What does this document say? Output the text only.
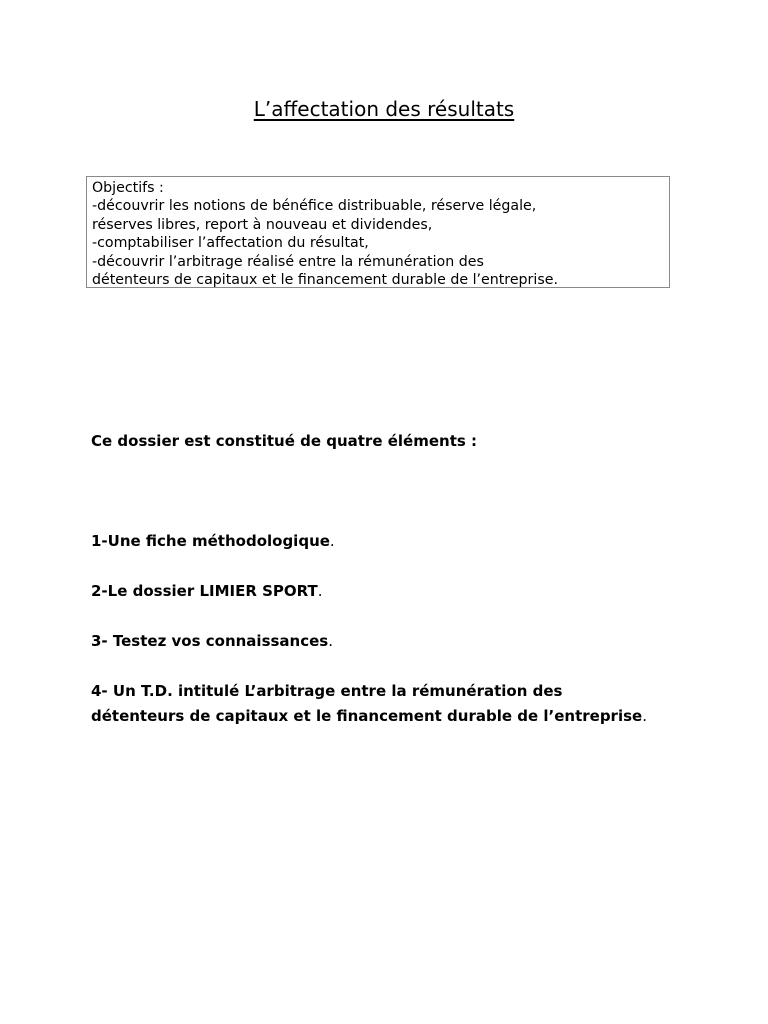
L’affectation des résultats
Objectifs :
-découvrir les notions de bénéfice distribuable, réserve légale,
réserves libres, report à nouveau et dividendes,
-comptabiliser l’affectation du résultat,
-découvrir l’arbitrage réalisé entre la rémunération des
détenteurs de capitaux et le financement durable de l’entreprise.
Ce dossier est constitué de quatre éléments :
1-Une fiche méthodologique.
2-Le dossier LIMIER SPORT.
3- Testez vos connaissances.
4- Un T.D. intitulé L’arbitrage entre la rémunération des
détenteurs de capitaux et le financement durable de l’entreprise.
